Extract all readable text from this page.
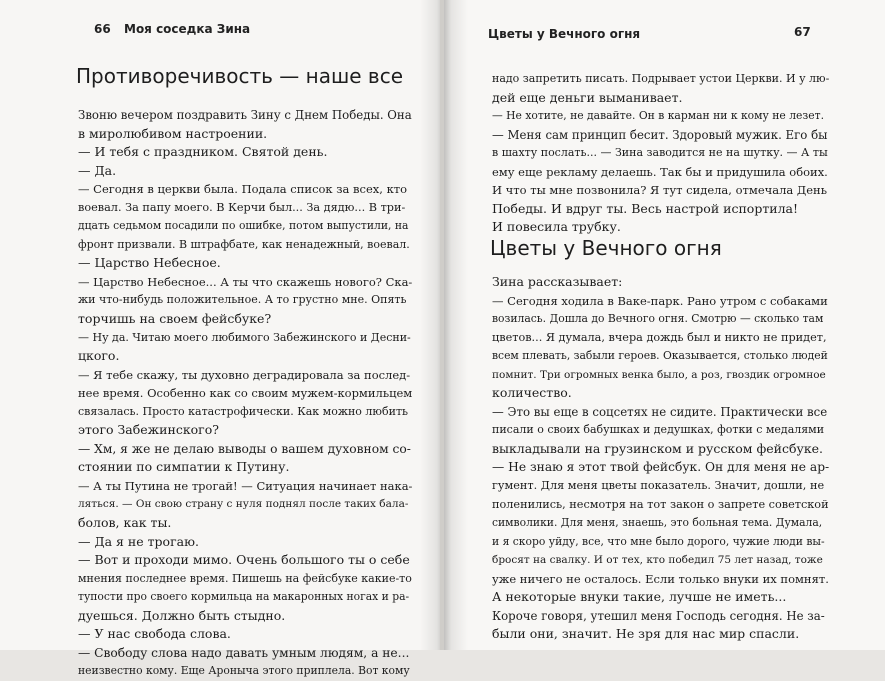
66 Моя соседка Зина
Противоречивость — наше все
Звоню вечером поздравить Зину с Днем Победы. Она
в миролюбивом настроении.
— И тебя с праздником. Святой день.
— Да.
— Сегодня в церкви была. Подала список за всех, кто
воевал. За папу моего. В Керчи был... За дядю... В три-
дцать седьмом посадили по ошибке, потом выпустили, на
фронт призвали. В штрафбате, как ненадежный, воевал.
— Царство Небесное.
— Царство Небесное... А ты что скажешь нового? Ска-
жи что-нибудь положительное. А то грустно мне. Опять
торчишь на своем фейсбуке?
— Ну да. Читаю моего любимого Забежинского и Десни-
цкого.
— Я тебе скажу, ты духовно деградировала за послед-
нее время. Особенно как со своим мужем-кормильцем
связалась. Просто катастрофически. Как можно любить
этого Забежинского?
— Хм, я же не делаю выводы о вашем духовном со-
стоянии по симпатии к Путину.
— А ты Путина не трогай! — Ситуация начинает нака-
ляться. — Он свою страну с нуля поднял после таких бала-
болов, как ты.
— Да я не трогаю.
— Вот и проходи мимо. Очень большого ты о себе
мнения последнее время. Пишешь на фейсбуке какие-то
тупости про своего кормильца на макаронных ногах и ра-
дуешься. Должно быть стыдно.
— У нас свобода слова.
— Свободу слова надо давать умным людям, а не...
неизвестно кому. Еще Аронычa этого приплела. Вот кому
Цветы у Вечного огня	67
надо запретить писать. Подрывает устои Церкви. И у лю-
дей еще деньги выманивает.
— Не хотите, не давайте. Он в карман ни к кому не лезет.
— Меня сам принцип бесит. Здоровый мужик. Его бы
в шахту послать... — Зина заводится не на шутку. — А ты
ему еще рекламу делаешь. Так бы и придушила обоих.
И что ты мне позвонила? Я тут сидела, отмечала День
Победы. И вдруг ты. Весь настрой испортила!
И повесила трубку.
Цветы у Вечного огня
Зина рассказывает:
— Сегодня ходила в Ваке-парк. Рано утром с собаками
возилась. Дошла до Вечного огня. Смотрю — сколько там
цветов... Я думала, вчера дождь был и никто не придет,
всем плевать, забыли героев. Оказывается, столько людей
помнит. Три огромных венка было, а роз, гвоздик огромное
количество.
— Это вы еще в соцсетях не сидите. Практически все
писали о своих бабушках и дедушках, фотки с медалями
выкладывали на грузинском и русском фейсбуке.
— Не знаю я этот твой фейсбук. Он для меня не ар-
гумент. Для меня цветы показатель. Значит, дошли, не
поленились, несмотря на тот закон о запрете советской
символики. Для меня, знаешь, это больная тема. Думала,
и я скоро уйду, все, что мне было дорого, чужие люди вы-
бросят на свалку. И от тех, кто победил 75 лет назад, тоже
уже ничего не осталось. Если только внуки их помнят.
А некоторые внуки такие, лучше не иметь...
Короче говоря, утешил меня Господь сегодня. Не за-
были они, значит. Не зря для нас мир спасли.
